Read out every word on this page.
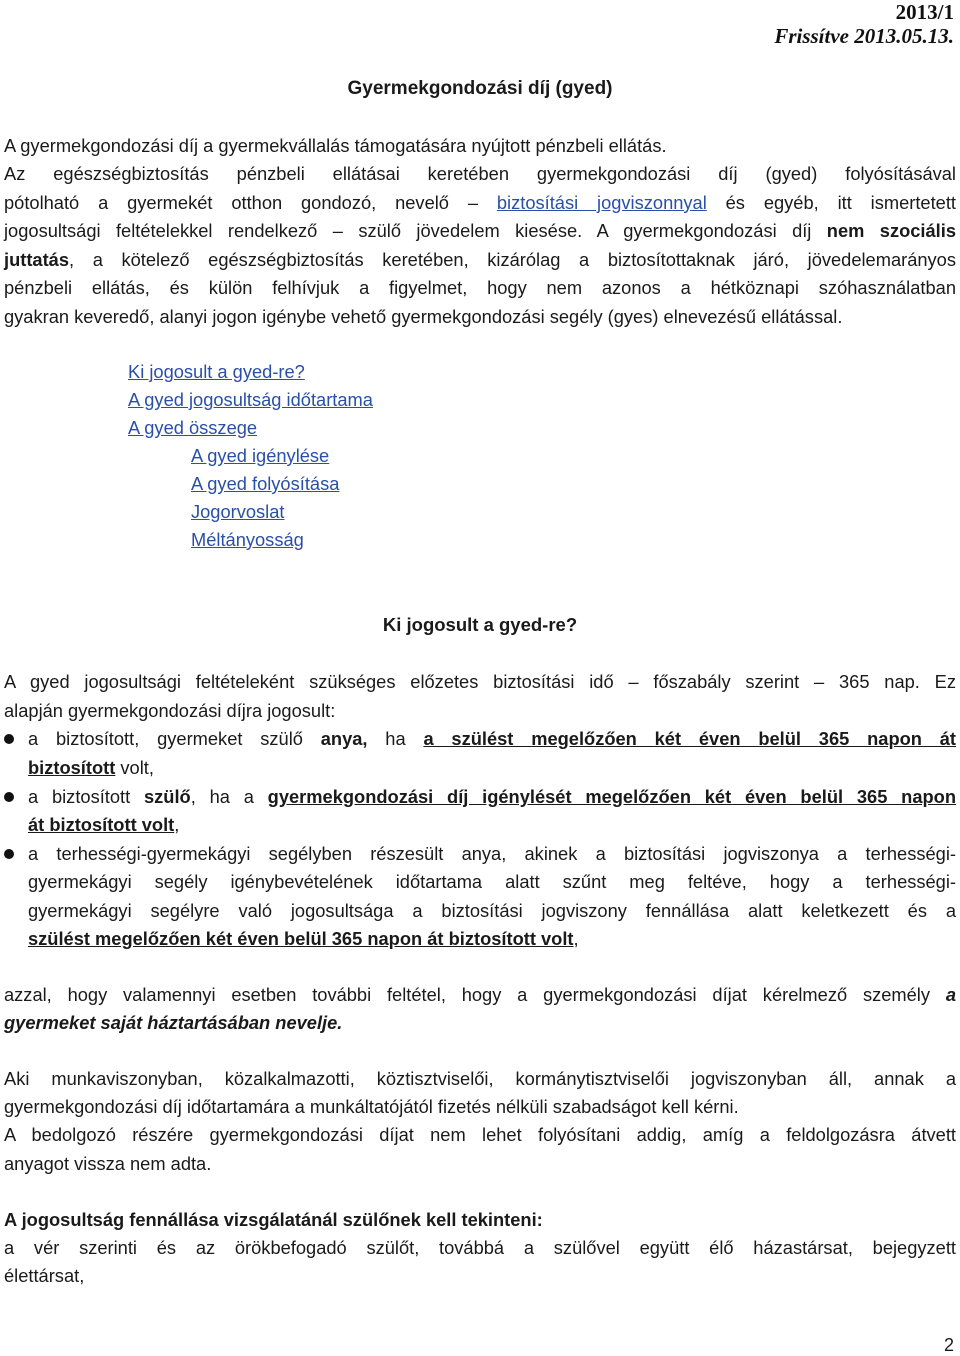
2013/1
Frissítve 2013.05.13.
Gyermekgondozási díj (gyed)
A gyermekgondozási díj a gyermekvállalás támogatására nyújtott pénzbeli ellátás.
Az egészségbiztosítás pénzbeli ellátásai keretében gyermekgondozási díj (gyed) folyósításával
pótolható a gyermekét otthon gondozó, nevelő – biztosítási jogviszonnyal és egyéb, itt ismertetett
jogosultsági feltételekkel rendelkező – szülő jövedelem kiesése. A gyermekgondozási díj nem szociális
juttatás, a kötelező egészségbiztosítás keretében, kizárólag a biztosítottaknak járó, jövedelemarányos
pénzbeli ellátás, és külön felhívjuk a figyelmet, hogy nem azonos a hétköznapi szóhasználatban
gyakran keveredő, alanyi jogon igénybe vehető gyermekgondozási segély (gyes) elnevezésű ellátással.
Ki jogosult a gyed-re?
A gyed jogosultság időtartama
A gyed összege
A gyed igénylése
A gyed folyósítása
Jogorvoslat
Méltányosság
Ki jogosult a gyed-re?
A gyed jogosultsági feltételeként szükséges előzetes biztosítási idő – főszabály szerint – 365 nap. Ez
alapján gyermekgondozási díjra jogosult:
a biztosított, gyermeket szülő anya, ha a szülést megelőzően két éven belül 365 napon át
biztosított volt,
a biztosított szülő, ha a gyermekgondozási díj igénylését megelőzően két éven belül 365 napon
át biztosított volt,
a terhességi-gyermekágyi segélyben részesült anya, akinek a biztosítási jogviszonya a terhességi-
gyermekágyi segély igénybevételének időtartama alatt szűnt meg feltéve, hogy a terhességi-
gyermekágyi segélyre való jogosultsága a biztosítási jogviszony fennállása alatt keletkezett és a
szülést megelőzően két éven belül 365 napon át biztosított volt,
azzal, hogy valamennyi esetben további feltétel, hogy a gyermekgondozási díjat kérelmező személy a
gyermeket saját háztartásában nevelje.
Aki munkaviszonyban, közalkalmazotti, köztisztviselői, kormánytisztviselői jogviszonyban áll, annak a
gyermekgondozási díj időtartamára a munkáltatójától fizetés nélküli szabadságot kell kérni.
A bedolgozó részére gyermekgondozási díjat nem lehet folyósítani addig, amíg a feldolgozásra átvett
anyagot vissza nem adta.
A jogosultság fennállása vizsgálatánál szülőnek kell tekinteni:
a vér szerinti és az örökbefogadó szülőt, továbbá a szülővel együtt élő házastársat, bejegyzett
élettársat,
2
